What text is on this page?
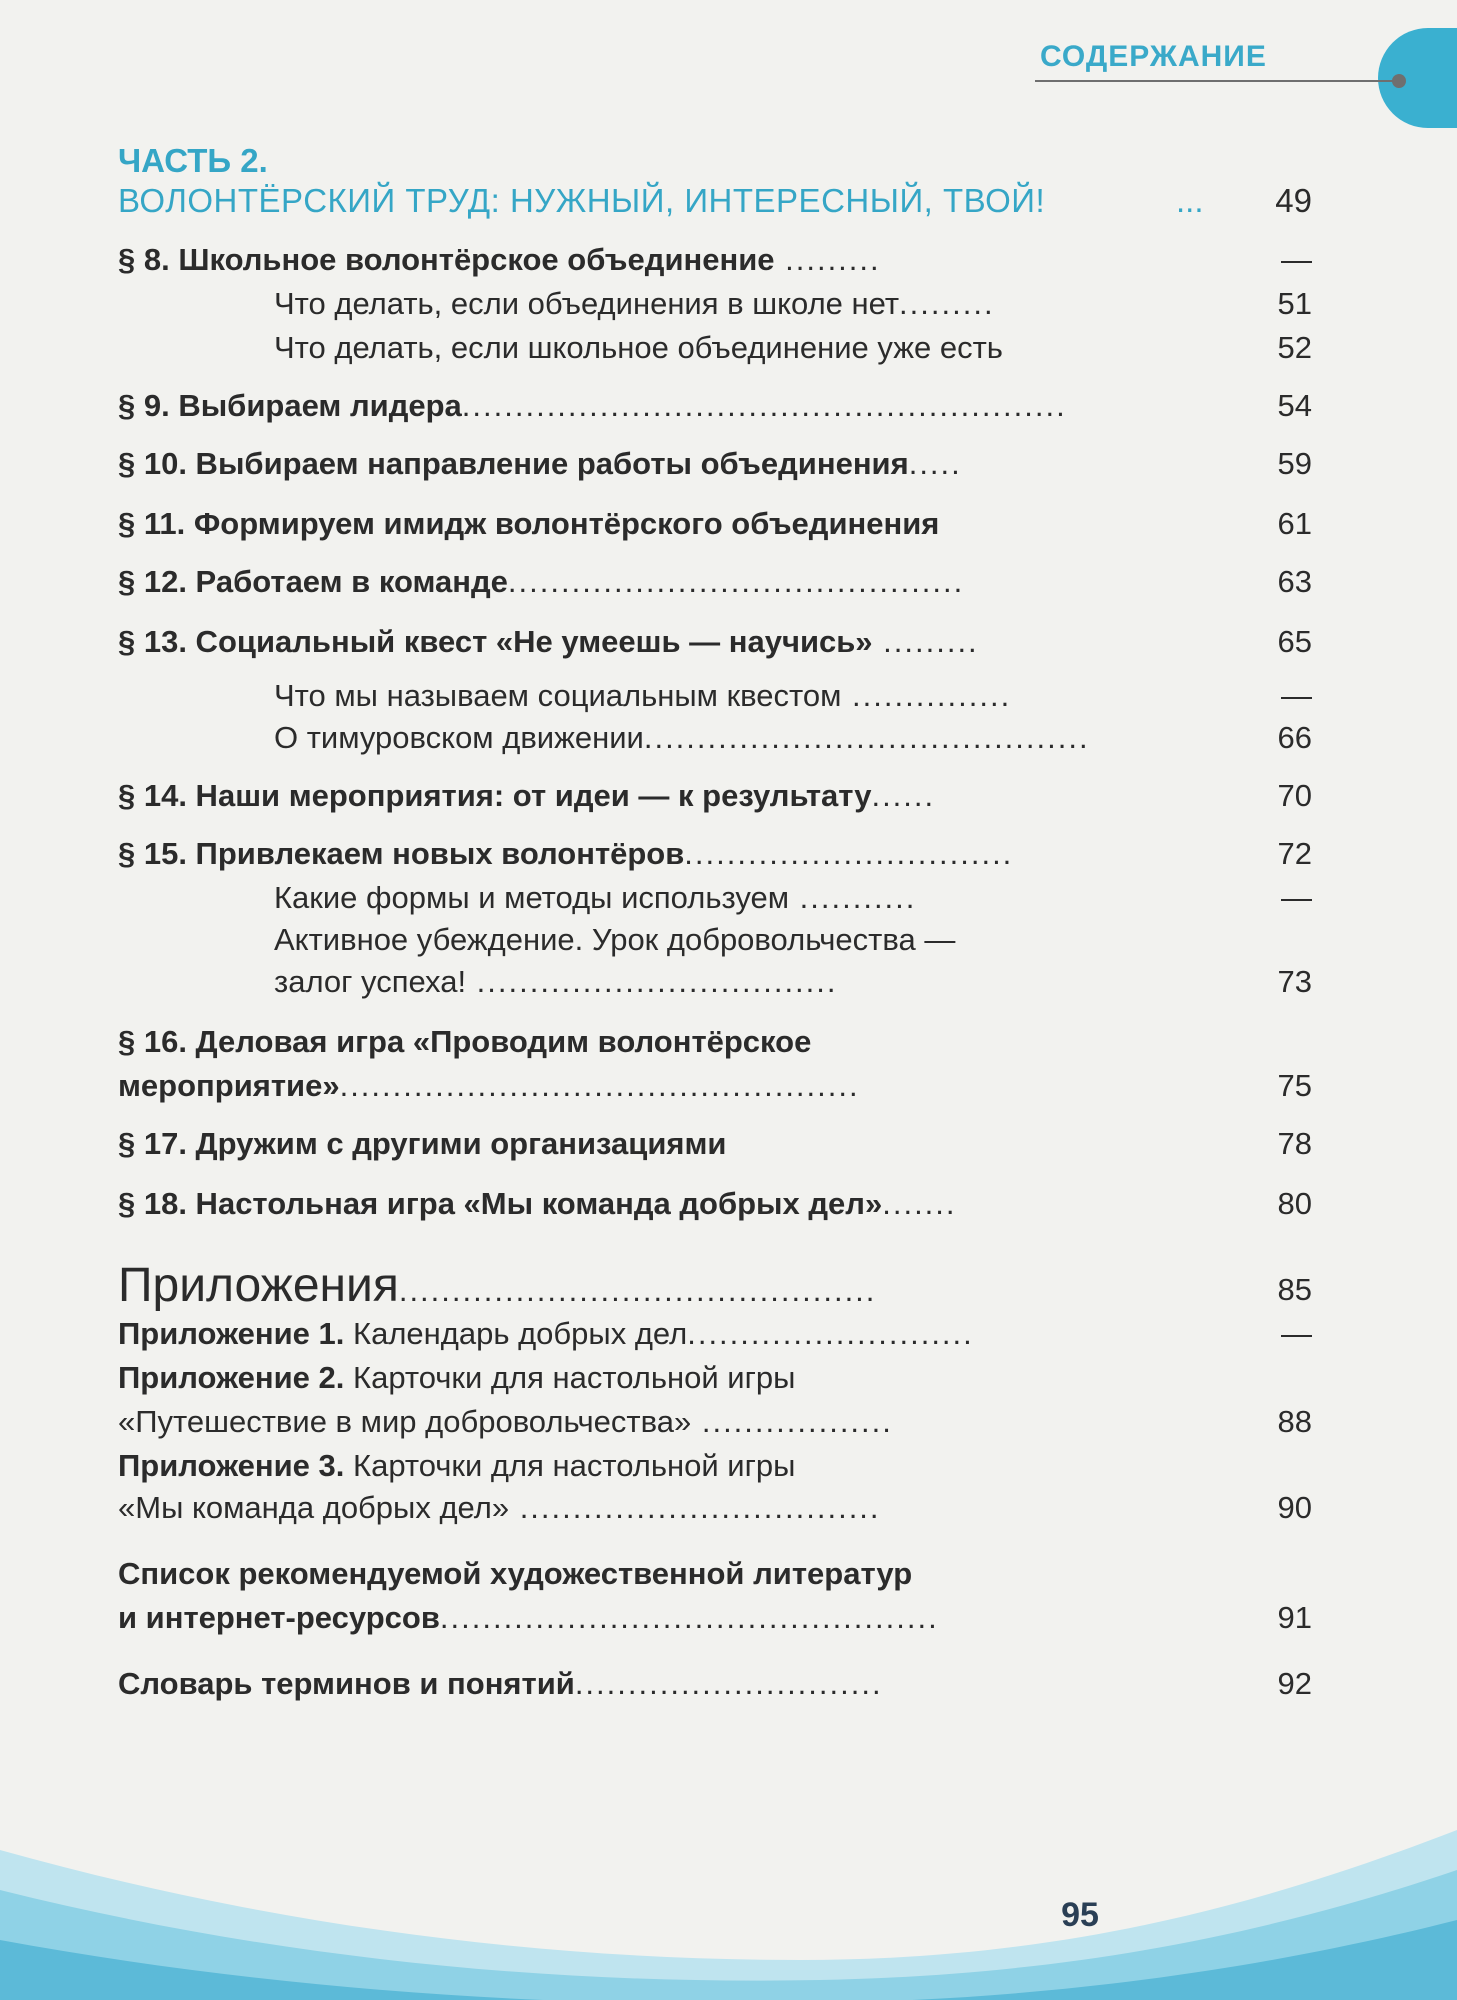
СОДЕРЖАНИЕ
ЧАСТЬ 2.
ВОЛОНТЁРСКИЙ ТРУД: НУЖНЫЙ, ИНТЕРЕСНЫЙ, ТВОЙ!	...	49
§ 8. Школьное волонтёрское объединение .........	—
Что делать, если объединения в школе нет.........	51
Что делать, если школьное объединение уже есть	52
§ 9. Выбираем лидера.........................................................	54
§ 10. Выбираем направление работы объединения.....	59
§ 11. Формируем имидж волонтёрского объединения	61
§ 12. Работаем в команде...........................................	63
§ 13. Социальный квест «Не умеешь — научись» .........	65
Что мы называем социальным квестом ...............	—
О тимуровском движении..........................................	66
§ 14. Наши мероприятия: от идеи — к результату......	70
§ 15. Привлекаем новых волонтёров...............................	72
Какие формы и методы используем ...........	—
Активное убеждение. Урок добровольчества —
залог успеха! ..................................	73
§ 16. Деловая игра «Проводим волонтёрское
мероприятие».................................................	75
§ 17. Дружим с другими организациями	78
§ 18. Настольная игра «Мы команда добрых дел».......	80
Приложения.............................................	85
Приложение 1. Календарь добрых дел...........................	—
Приложение 2. Карточки для настольной игры
«Путешествие в мир добровольчества» ..................	88
Приложение 3. Карточки для настольной игры
«Мы команда добрых дел» ..................................	90
Список рекомендуемой художественной литератур
и интернет-ресурсов...............................................	91
Словарь терминов и понятий.............................	92
95
